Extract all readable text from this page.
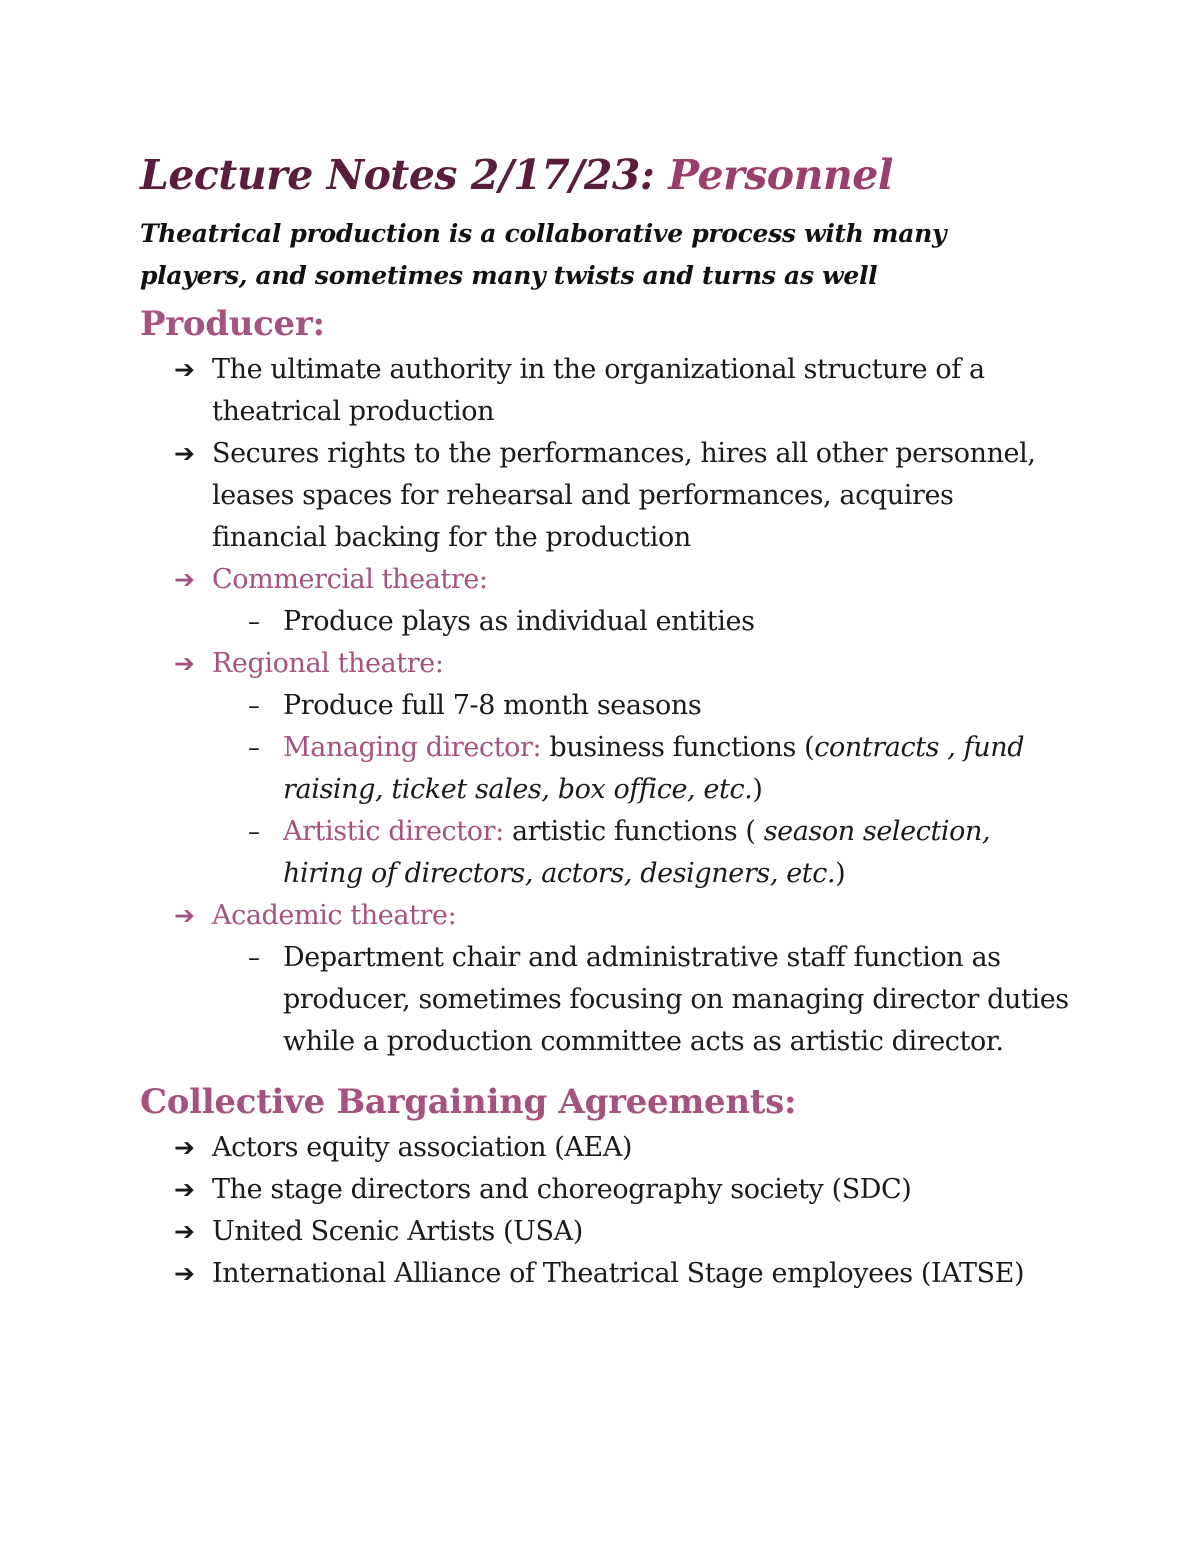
Lecture Notes 2/17/23: Personnel

Theatrical production is a collaborative process with many players, and sometimes many twists and turns as well

Producer:
➔ The ultimate authority in the organizational structure of a theatrical production
➔ Secures rights to the performances, hires all other personnel, leases spaces for rehearsal and performances, acquires financial backing for the production
➔ Commercial theatre:
– Produce plays as individual entities
➔ Regional theatre:
– Produce full 7-8 month seasons
– Managing director: business functions (contracts , fund raising, ticket sales, box office, etc.)
– Artistic director: artistic functions ( season selection, hiring of directors, actors, designers, etc.)
➔ Academic theatre:
– Department chair and administrative staff function as producer, sometimes focusing on managing director duties while a production committee acts as artistic director.
Collective Bargaining Agreements:
➔ Actors equity association (AEA)
➔ The stage directors and choreography society (SDC)
➔ United Scenic Artists (USA)
➔ International Alliance of Theatrical Stage employees (IATSE)
